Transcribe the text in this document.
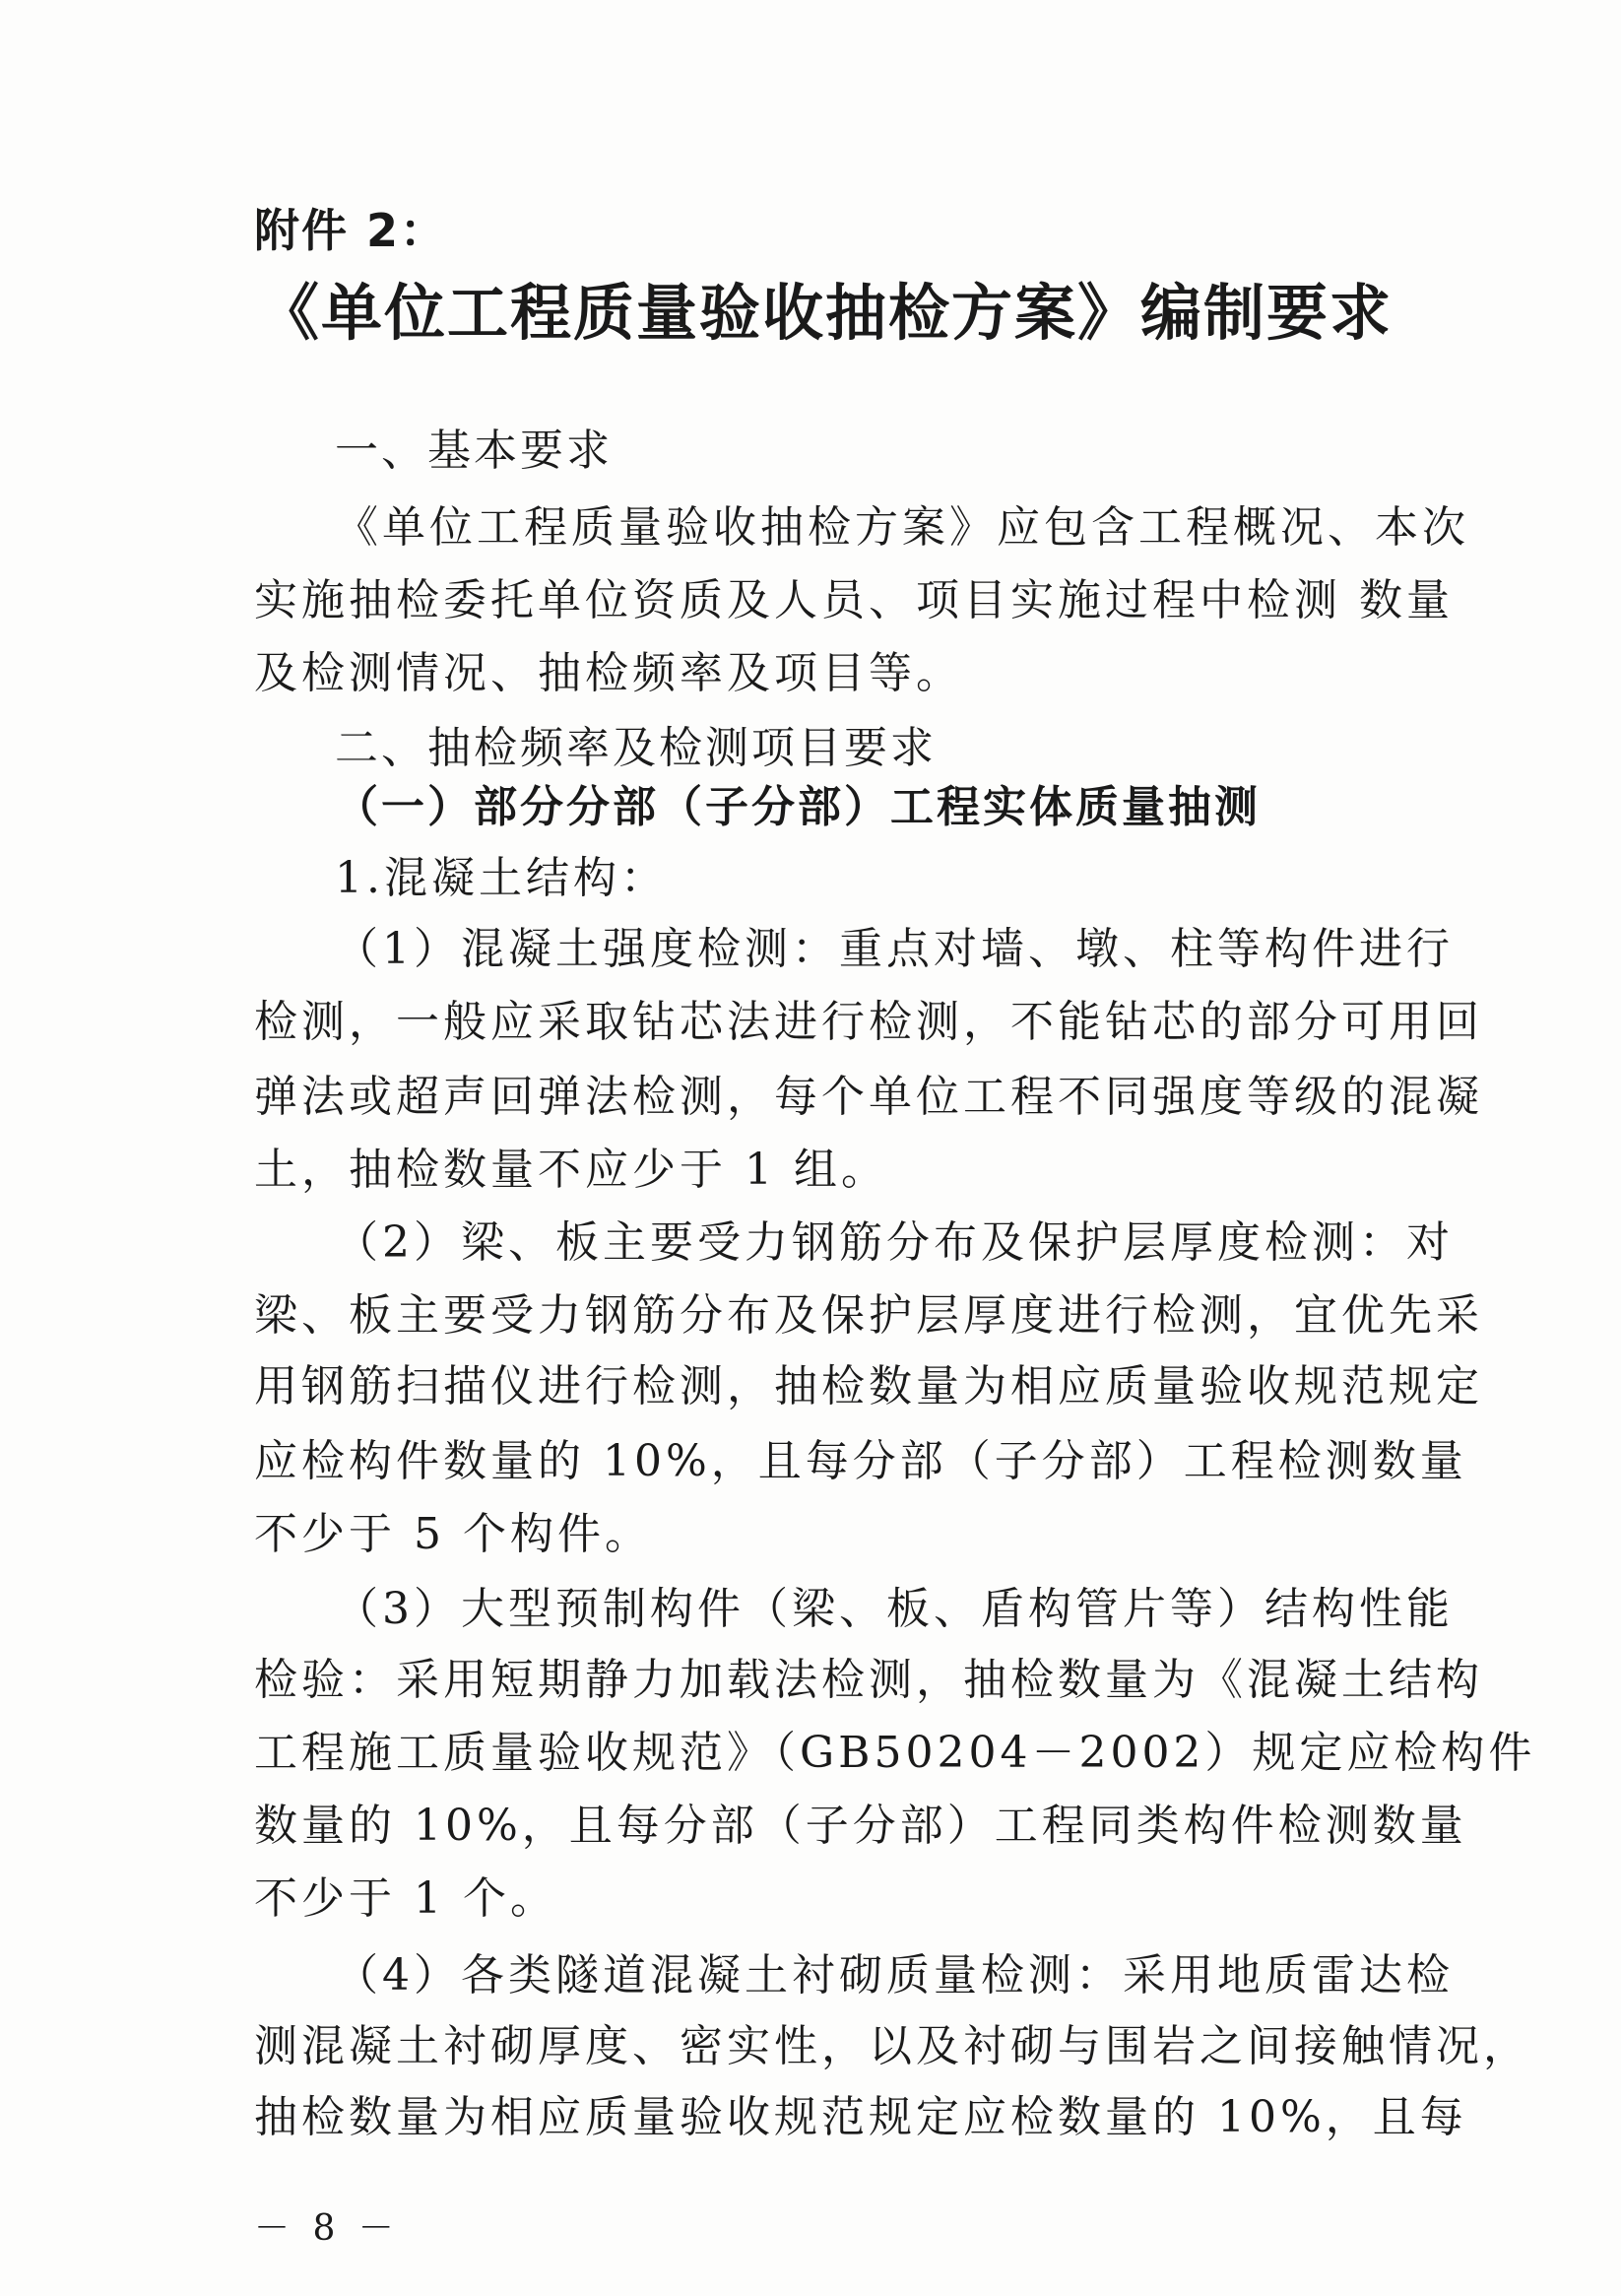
附件 2：
《单位工程质量验收抽检方案》编制要求
一、基本要求
《单位工程质量验收抽检方案》应包含工程概况、本次
实施抽检委托单位资质及人员、项目实施过程中检测 数量
及检测情况、抽检频率及项目等。
二、抽检频率及检测项目要求
（一）部分分部（子分部）工程实体质量抽测
1.混凝土结构：
（1）混凝土强度检测：重点对墙、墩、柱等构件进行
检测，一般应采取钻芯法进行检测，不能钻芯的部分可用回
弹法或超声回弹法检测，每个单位工程不同强度等级的混凝
土，抽检数量不应少于 1 组。
（2）梁、板主要受力钢筋分布及保护层厚度检测：对
梁、板主要受力钢筋分布及保护层厚度进行检测，宜优先采
用钢筋扫描仪进行检测，抽检数量为相应质量验收规范规定
应检构件数量的 10%，且每分部（子分部）工程检测数量
不少于 5 个构件。
（3）大型预制构件（梁、板、盾构管片等）结构性能
检验：采用短期静力加载法检测，抽检数量为《混凝土结构
工程施工质量验收规范》（GB50204－2002）规定应检构件
数量的 10%，且每分部（子分部）工程同类构件检测数量
不少于 1 个。
（4）各类隧道混凝土衬砌质量检测：采用地质雷达检
测混凝土衬砌厚度、密实性，以及衬砌与围岩之间接触情况，
抽检数量为相应质量验收规范规定应检数量的 10%，且每
－ 8 －
